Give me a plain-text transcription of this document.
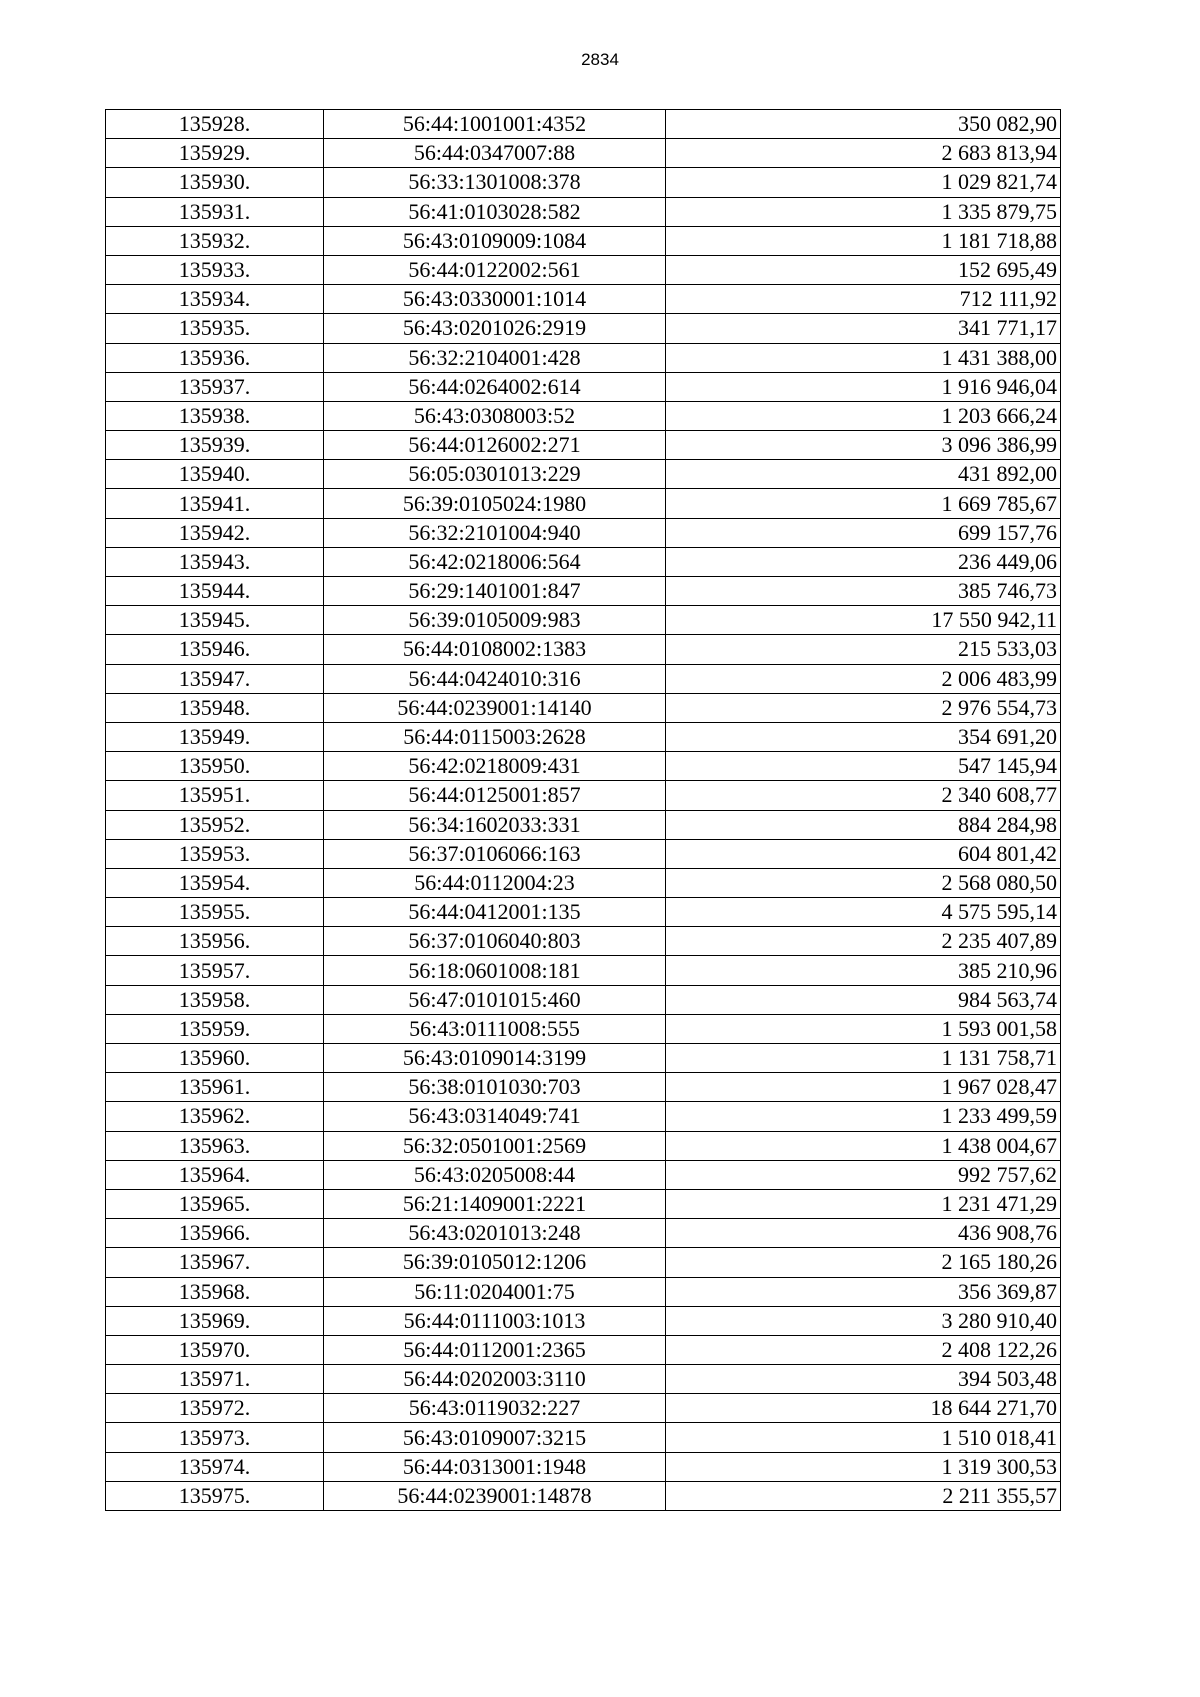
2834
135928.	56:44:1001001:4352	350 082,90
135929.	56:44:0347007:88	2 683 813,94
135930.	56:33:1301008:378	1 029 821,74
135931.	56:41:0103028:582	1 335 879,75
135932.	56:43:0109009:1084	1 181 718,88
135933.	56:44:0122002:561	152 695,49
135934.	56:43:0330001:1014	712 111,92
135935.	56:43:0201026:2919	341 771,17
135936.	56:32:2104001:428	1 431 388,00
135937.	56:44:0264002:614	1 916 946,04
135938.	56:43:0308003:52	1 203 666,24
135939.	56:44:0126002:271	3 096 386,99
135940.	56:05:0301013:229	431 892,00
135941.	56:39:0105024:1980	1 669 785,67
135942.	56:32:2101004:940	699 157,76
135943.	56:42:0218006:564	236 449,06
135944.	56:29:1401001:847	385 746,73
135945.	56:39:0105009:983	17 550 942,11
135946.	56:44:0108002:1383	215 533,03
135947.	56:44:0424010:316	2 006 483,99
135948.	56:44:0239001:14140	2 976 554,73
135949.	56:44:0115003:2628	354 691,20
135950.	56:42:0218009:431	547 145,94
135951.	56:44:0125001:857	2 340 608,77
135952.	56:34:1602033:331	884 284,98
135953.	56:37:0106066:163	604 801,42
135954.	56:44:0112004:23	2 568 080,50
135955.	56:44:0412001:135	4 575 595,14
135956.	56:37:0106040:803	2 235 407,89
135957.	56:18:0601008:181	385 210,96
135958.	56:47:0101015:460	984 563,74
135959.	56:43:0111008:555	1 593 001,58
135960.	56:43:0109014:3199	1 131 758,71
135961.	56:38:0101030:703	1 967 028,47
135962.	56:43:0314049:741	1 233 499,59
135963.	56:32:0501001:2569	1 438 004,67
135964.	56:43:0205008:44	992 757,62
135965.	56:21:1409001:2221	1 231 471,29
135966.	56:43:0201013:248	436 908,76
135967.	56:39:0105012:1206	2 165 180,26
135968.	56:11:0204001:75	356 369,87
135969.	56:44:0111003:1013	3 280 910,40
135970.	56:44:0112001:2365	2 408 122,26
135971.	56:44:0202003:3110	394 503,48
135972.	56:43:0119032:227	18 644 271,70
135973.	56:43:0109007:3215	1 510 018,41
135974.	56:44:0313001:1948	1 319 300,53
135975.	56:44:0239001:14878	2 211 355,57
